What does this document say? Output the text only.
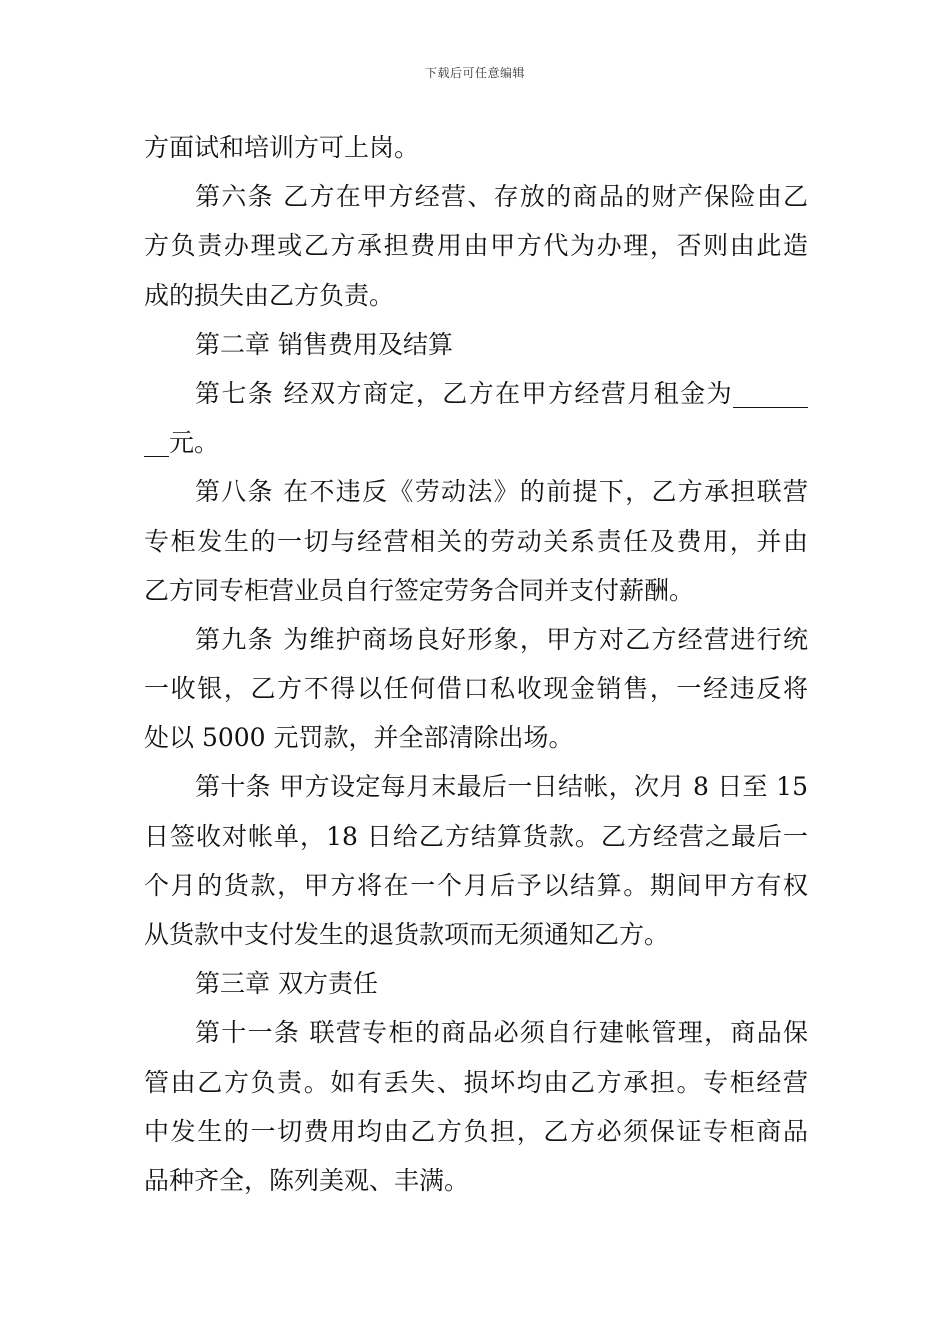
下载后可任意编辑
方面试和培训方可上岗。
第六条 乙方在甲方经营、存放的商品的财产保险由乙
方负责办理或乙方承担费用由甲方代为办理，否则由此造
成的损失由乙方负责。
第二章 销售费用及结算
第七条 经双方商定，乙方在甲方经营月租金为______
__元。
第八条 在不违反《劳动法》的前提下，乙方承担联营
专柜发生的一切与经营相关的劳动关系责任及费用，并由
乙方同专柜营业员自行签定劳务合同并支付薪酬。
第九条 为维护商场良好形象，甲方对乙方经营进行统
一收银，乙方不得以任何借口私收现金销售，一经违反将
处以 5000 元罚款，并全部清除出场。
第十条 甲方设定每月末最后一日结帐，次月 8 日至 15
日签收对帐单，18 日给乙方结算货款。乙方经营之最后一
个月的货款，甲方将在一个月后予以结算。期间甲方有权
从货款中支付发生的退货款项而无须通知乙方。
第三章 双方责任
第十一条 联营专柜的商品必须自行建帐管理，商品保
管由乙方负责。如有丢失、损坏均由乙方承担。专柜经营
中发生的一切费用均由乙方负担，乙方必须保证专柜商品
品种齐全，陈列美观、丰满。
